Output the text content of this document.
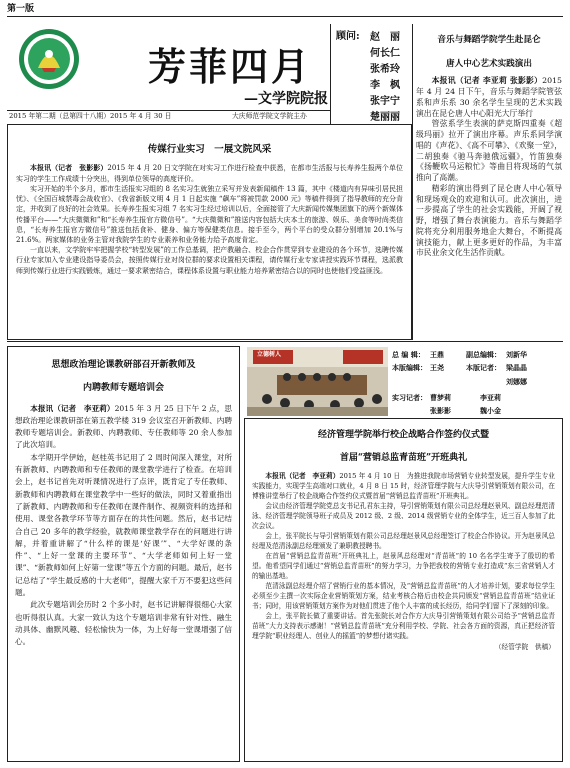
第一版
芳菲四月
—文学院院报
2015 年第二期（总第四十八期）2015 年 4 月 30 日	大庆师范学院文学院主办
顾问: 赵　丽
何长仁
张希玲
李　枫
张宇宁
楚丽丽
音乐与舞蹈学院学生赴昆仑
唐人中心艺术实践演出

本报讯（记者 李亚莉 张影影）2015 年 4 月 24 日下午，音乐与舞蹈学院管弦系和声乐系 30 余名学生呈现的艺术实践演出在昆仑唐人中心阳光大厅举行

管弦系学生表演的萨克斯四重奏《超级玛丽》拉开了演出序幕。声乐系同学演唱的《声花》、《高不可攀》、《欢聚一堂》，二胡独奏《驰马奔驰俄远疆》，竹笛独奏《扬鞭吹马运粮忙》等曲目将现场的气氛推向了高潮。

精彩的演出得到了昆仑唐人中心领导和现场观众的欢迎和认可。此次演出，进一步提高了学生的社会实践能，开阔了视野，增强了舞台表演能力。音乐与舞蹈学院将充分利用服务地企大舞台，不断提高演技能力，献上更多更好的作品，为丰富市民业余文化生活作贡献。

传媒行业实习　一展文院风采

本报讯（记者　张影影）2015 年 4 月 20 日文学院在对实习工作进行检查中获悉，在都市生活报与长寿养生报两个单位实习的学生工作成绩十分突出，得到单位领导的高度评价。

实习开始的半个多月，都市生活报实习组的 8 名实习生就独立采写并发表新闻稿件 13 篇，其中《楼道内有异味引居民担忧》、《全国百城禁毒会战收官》、《我省新版文明 4 月 1 日起实施 “飙车”将被罚款 2000 元》等稿件得到了指导教师的充分肯定，并收到了良好的社会效果。长寿养生报实习组 7 名实习生经过培训以后，全面接管了大庆新闻传媒集团旗下的两个新媒体传播平台——“大庆微微和”和“长寿养生报官方微信号”。“大庆微微和”推送内容包括大庆本土的旅游、娱乐、美食等时尚类信息，“长寿养生报官方微信号”推送包括食补、健身、偏方等保健类信息。接手至今，两个平台的受众群分别增加 20.1%与 21.6%。两家媒体的业务主管对我院学生的专业素养和业务能力给予高度肯定。

一直以来，文学院牢牢把握学校“转型发展”的工作总基调，把产教融合、校企合作贯穿到专业建设的各个环节，选聘传媒行业专家加入专业建设指导委员会，按照传媒行业对岗位群的要求设置相关课程，请传媒行业专家讲授实践环节课程，选派教师到传媒行业进行实践锻炼，通过一要求紧密结合，课程体系设置与职业能力培养紧密结合以的同时也使他们受益匪浅。

思想政治理论课教研部召开新教师及
内聘教师专题培训会

本报讯（记者　李亚莉）2015 年 3 月 25 日下午 2 点，思想政治理论课教研部在第五教学楼 319 会议室召开新教师、内聘教师专题培训会。新教师、内聘教师、专任教师等 20 余人参加了此次培训。

本学期开学伊始，赵桂英书记用了 2 周时间深入课堂，对所有新教师、内聘教师和专任教师的课堂教学进行了检查。在培训会上，赵书记首先对听课情况进行了点评，既肯定了专任教师、新教师和内聘教师在课堂教学中一些好的做法，同时又着重指出了新教师、内聘教师和专任教师在课件制作、视频资料的选择和使用、课堂各教学环节等方面存在的共性问题。然后，赵书记结合自己 20 多年的教学经验，就教师课堂教学存在的问题进行讲解，并着重讲解了“什么样的课是‘好课’”、“大学好课的条件”、“上好一堂课的主要环节”、“大学老师如何上好一堂课”、“新教师如何上好第一堂课”等五个方面的问题。最后，赵书记总结了“学生最反感的十大老师”，提醒大家千万不要犯这些问题。

此次专题培训会历时 2 个多小时，赵书记讲解得很细心大家也听得很认真。大家一致认为这个专题培训非常有针对性、融生动具体、幽默风趣、轻松愉快为一体，为上好每一堂课增强了信心。

立德树人	总 编 辑： 王鼎	副总编辑： 刘新华
本版编辑： 王尧	本版记者： 梁晶晶
刘娜娜
实习记者： 曹梦莉	李亚莉
张影影	魏小金
经济管理学院举行校企战略合作签约仪式暨
首届“营销总监青苗班”开班典礼

本报讯（记者　李亚莉）2015 年 4 月 10 日　为推进我院市场营销专业转型发展，提升学生专业实践能力，实现学生高端对口就业，4 月 8 日 15 时，经济管理学院与大庆导引营销策划有限公司，在博雅讲堂举行了校企战略合作签约仪式暨首届“营销总监青苗班”开班典礼。

会议由经济管理学院党总支书记孔君东主持，导引营销策划有限公司总经理赵景风、副总经理范清泳、经济管理学院领导班子成员及 2012 级、2 级、2014 级营销专业的全体学生，近三百人参加了此次会议。

会上，张平院长与导引营销策划有限公司总经理赵景风总经理签订了校企合作协议。开为赵景风总经理及范清泳副总经理颁发了兼职教授聘书。

在首届“营销总监青苗班”开班典礼上，赵景风总经理对“青苗班”的 10 名名学生寄予了殷切的希望。他希望同学们通过“营销总监青苗班”的努力学习，力争把我校的营销专业打造成“东三省营销人才的输出基地。

范清泳副总经理介绍了营销行业的基本情况，及“营销总监青苗班”的人才培养计划，要求每位学生必须至少主撰一次实际企业营销策划方案，结业考核合格后由校企共同颁发“营销总监青苗班”结业证书；同时，用该营销策划方案作为对他们贯进了他个人丰富的成长经历，给同学们留下了深刻的印象。

会上，张平院长做了重要讲话。首先张院长对合作方大庆导引营销策划有限公司给予“营销总监青苗班”大力支持表示感谢！“营销总监青苗班”充分利用学校、学院、社会各方面的资源，真正把经济管理学院“职业经理人、创业人的摇篮”的梦想付诸实践。

（经管学院　供稿）
